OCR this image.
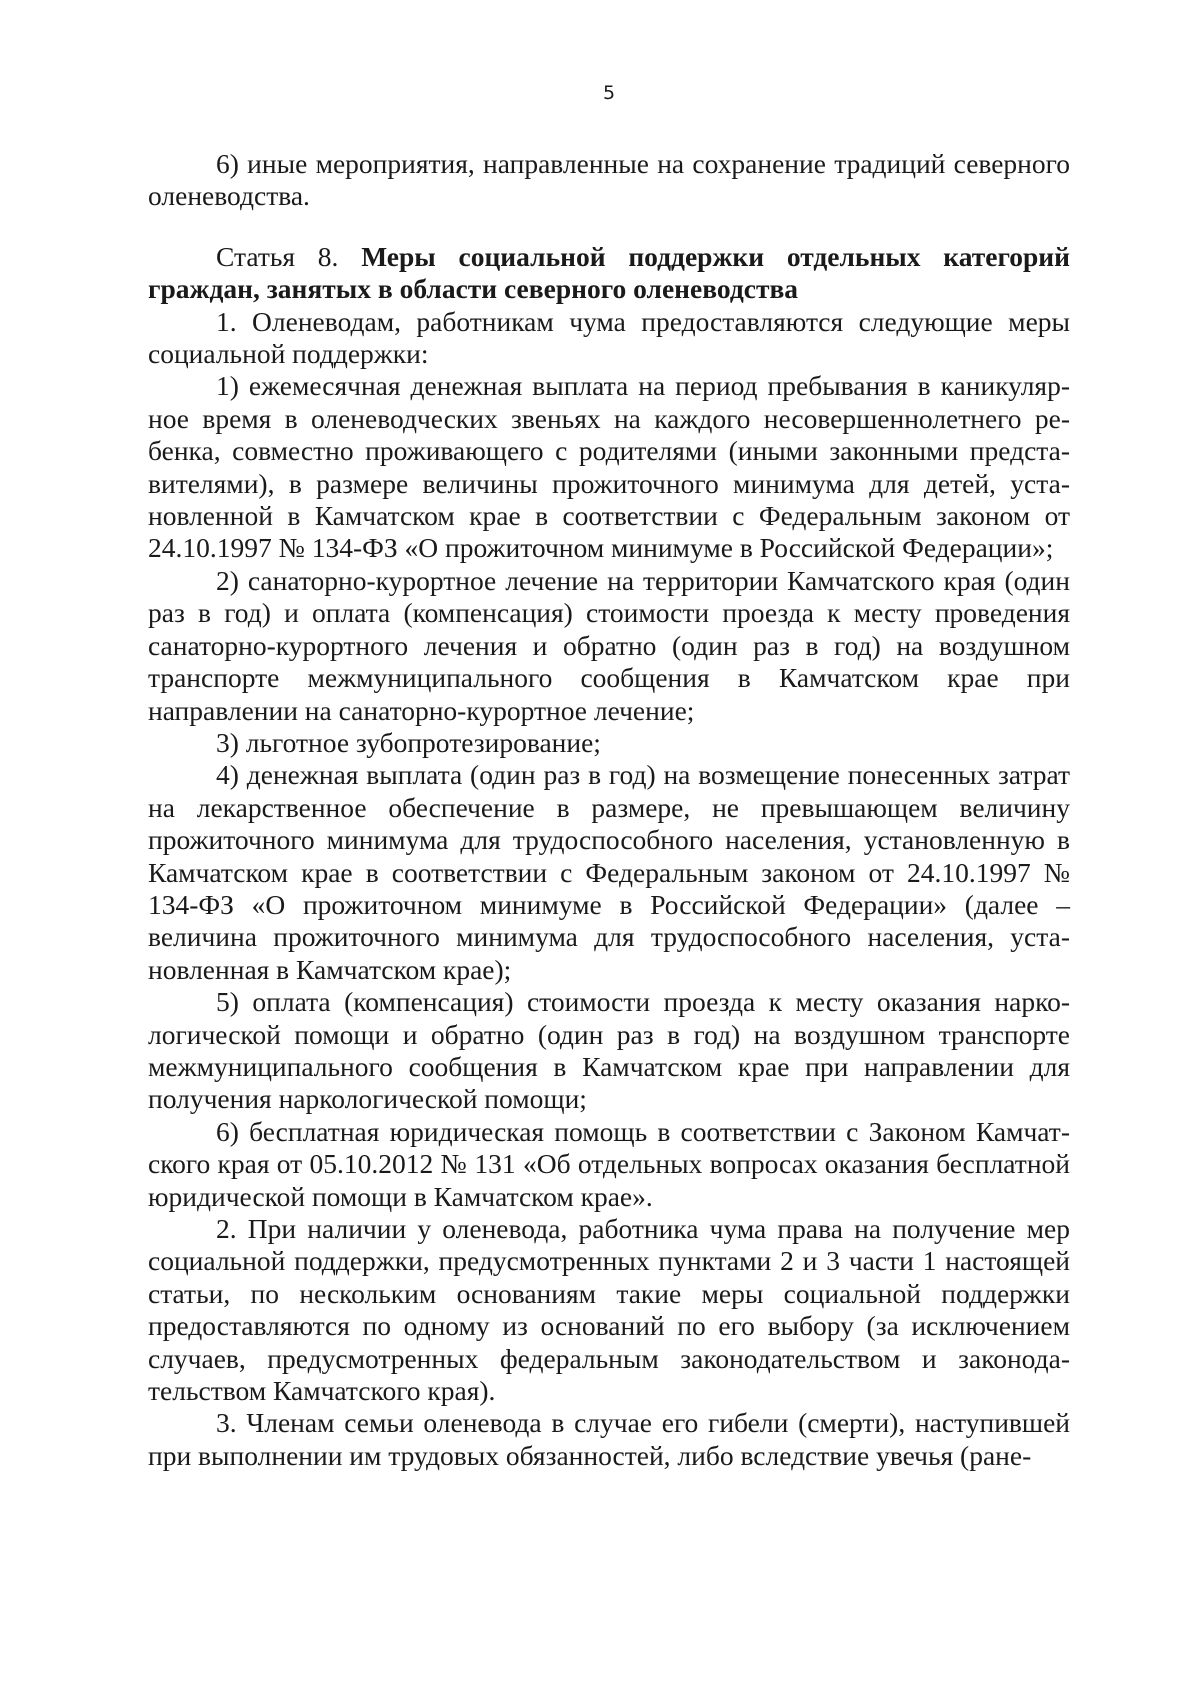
5

6) иные мероприятия, направленные на сохранение традиций северного оленеводства.

Статья 8. Меры социальной поддержки отдельных категорий граждан, занятых в области северного оленеводства

1. Оленеводам, работникам чума предоставляются следующие меры социальной поддержки:

1) ежемесячная денежная выплата на период пребывания в каникулярное время в оленеводческих звеньях на каждого несовершеннолетнего ребенка, совместно проживающего с родителями (иными законными представителями), в размере величины прожиточного минимума для детей, установленной в Камчатском крае в соответствии с Федеральным законом от 24.10.1997 № 134-ФЗ «О прожиточном минимуме в Российской Федерации»;

2) санаторно-курортное лечение на территории Камчатского края (один раз в год) и оплата (компенсация) стоимости проезда к месту проведения санаторно-курортного лечения и обратно (один раз в год) на воздушном транспорте межмуниципального сообщения в Камчатском крае при направлении на санаторно-курортное лечение;

3) льготное зубопротезирование;

4) денежная выплата (один раз в год) на возмещение понесенных затрат на лекарственное обеспечение в размере, не превышающем величину прожиточного минимума для трудоспособного населения, установленную в Камчатском крае в соответствии с Федеральным законом от 24.10.1997 № 134-ФЗ «О прожиточном минимуме в Российской Федерации» (далее – величина прожиточного минимума для трудоспособного населения, установленная в Камчатском крае);

5) оплата (компенсация) стоимости проезда к месту оказания наркологической помощи и обратно (один раз в год) на воздушном транспорте межмуниципального сообщения в Камчатском крае при направлении для получения наркологической помощи;

6) бесплатная юридическая помощь в соответствии с Законом Камчатского края от 05.10.2012 № 131 «Об отдельных вопросах оказания бесплатной юридической помощи в Камчатском крае».

2. При наличии у оленевода, работника чума права на получение мер социальной поддержки, предусмотренных пунктами 2 и 3 части 1 настоящей статьи, по нескольким основаниям такие меры социальной поддержки предоставляются по одному из оснований по его выбору (за исключением случаев, предусмотренных федеральным законодательством и законодательством Камчатского края).

3. Членам семьи оленевода в случае его гибели (смерти), наступившей при выполнении им трудовых обязанностей, либо вследствие увечья (ране-
